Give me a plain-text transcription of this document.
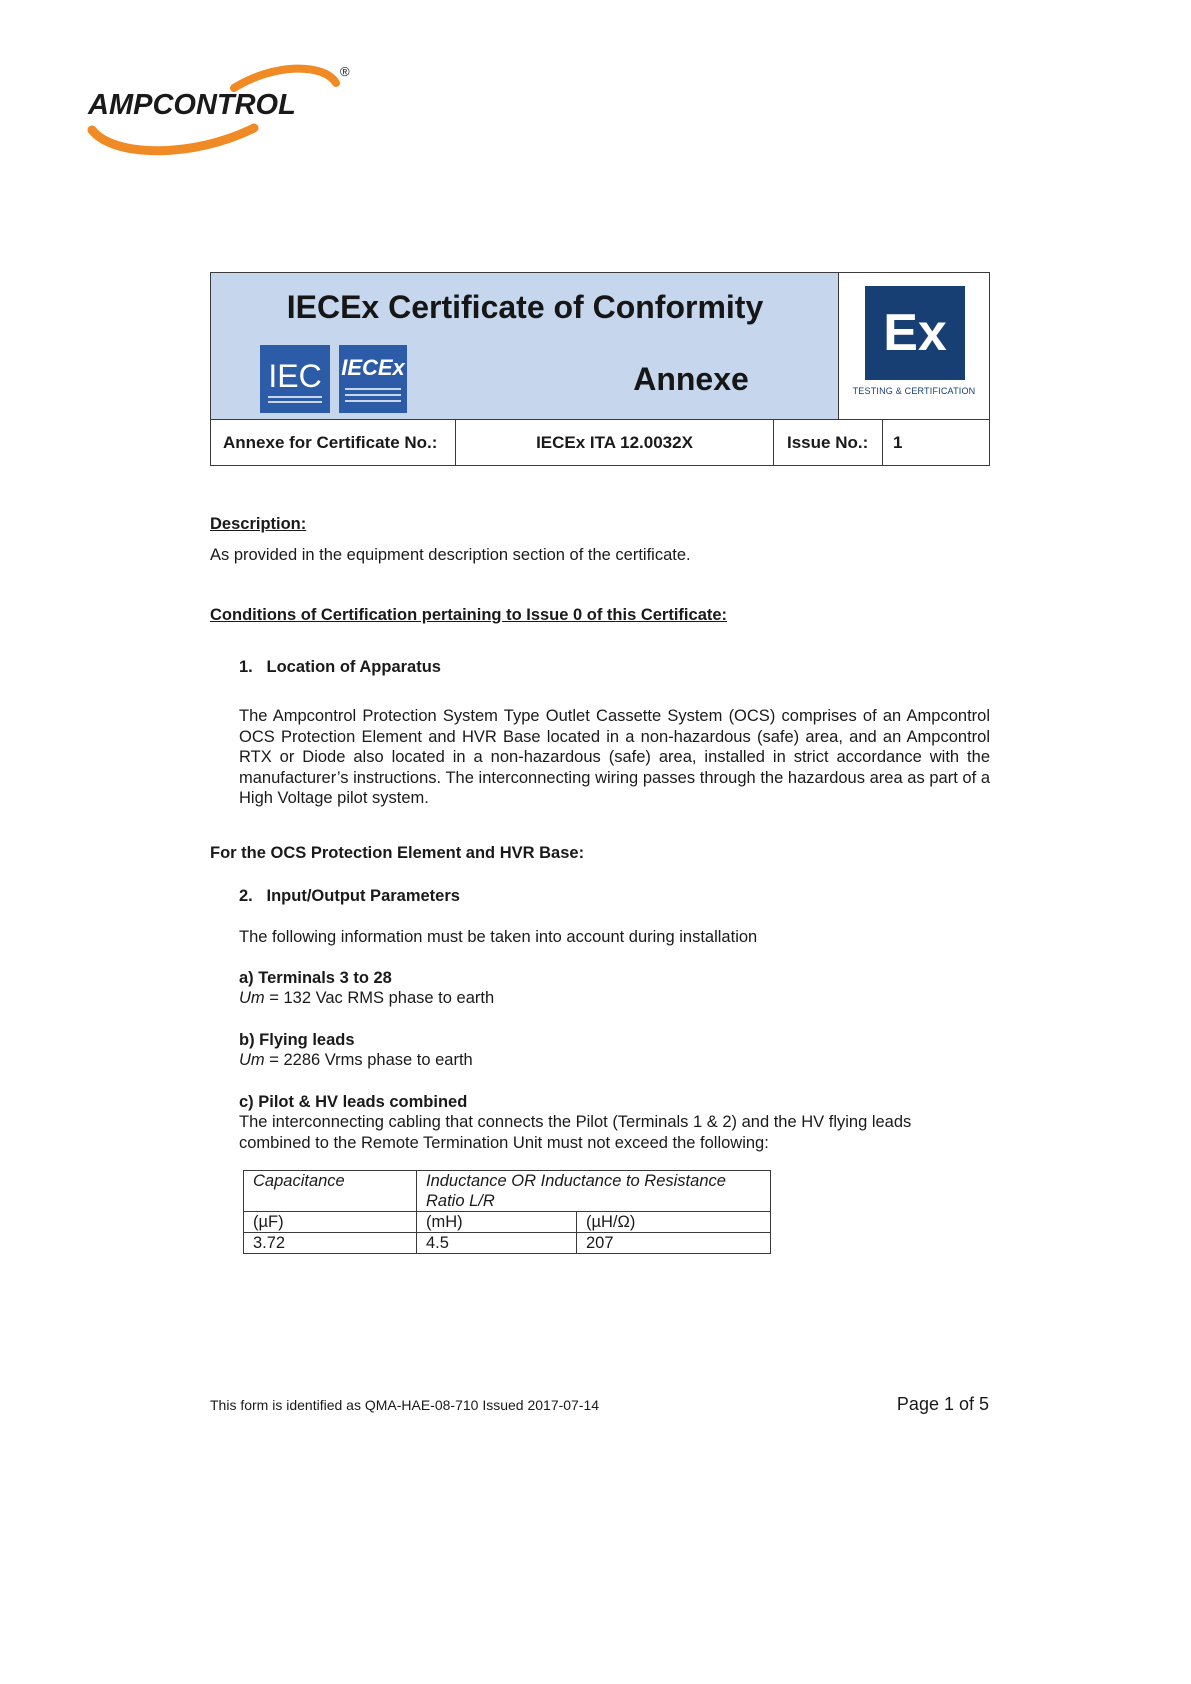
AMPCONTROL
®
IECEx Certificate of Conformity
IEC IECEx	Annexe
Ex
TESTING & CERTIFICATION
Annexe for Certificate No.:	IECEx ITA 12.0032X	Issue No.:	1
Description:
As provided in the equipment description section of the certificate.
Conditions of Certification pertaining to Issue 0 of this Certificate:
1.   Location of Apparatus
The Ampcontrol Protection System Type Outlet Cassette System (OCS) comprises of an Ampcontrol OCS Protection Element and HVR Base located in a non-hazardous (safe) area, and an Ampcontrol RTX or Diode also located in a non-hazardous (safe) area, installed in strict accordance with the manufacturer’s instructions. The interconnecting wiring passes through the hazardous area as part of a High Voltage pilot system.
For the OCS Protection Element and HVR Base:
2.   Input/Output Parameters
The following information must be taken into account during installation
a) Terminals 3 to 28
Um = 132 Vac RMS phase to earth
b) Flying leads
Um = 2286 Vrms phase to earth
c) Pilot & HV leads combined
The interconnecting cabling that connects the Pilot (Terminals 1 & 2) and the HV flying leads combined to the Remote Termination Unit must not exceed the following:
Capacitance	Inductance OR Inductance to Resistance Ratio L/R	
(µF)	(mH)	(µH/Ω)
3.72	4.5	207
This form is identified as QMA-HAE-08-710 Issued 2017-07-14	Page 1 of 5
